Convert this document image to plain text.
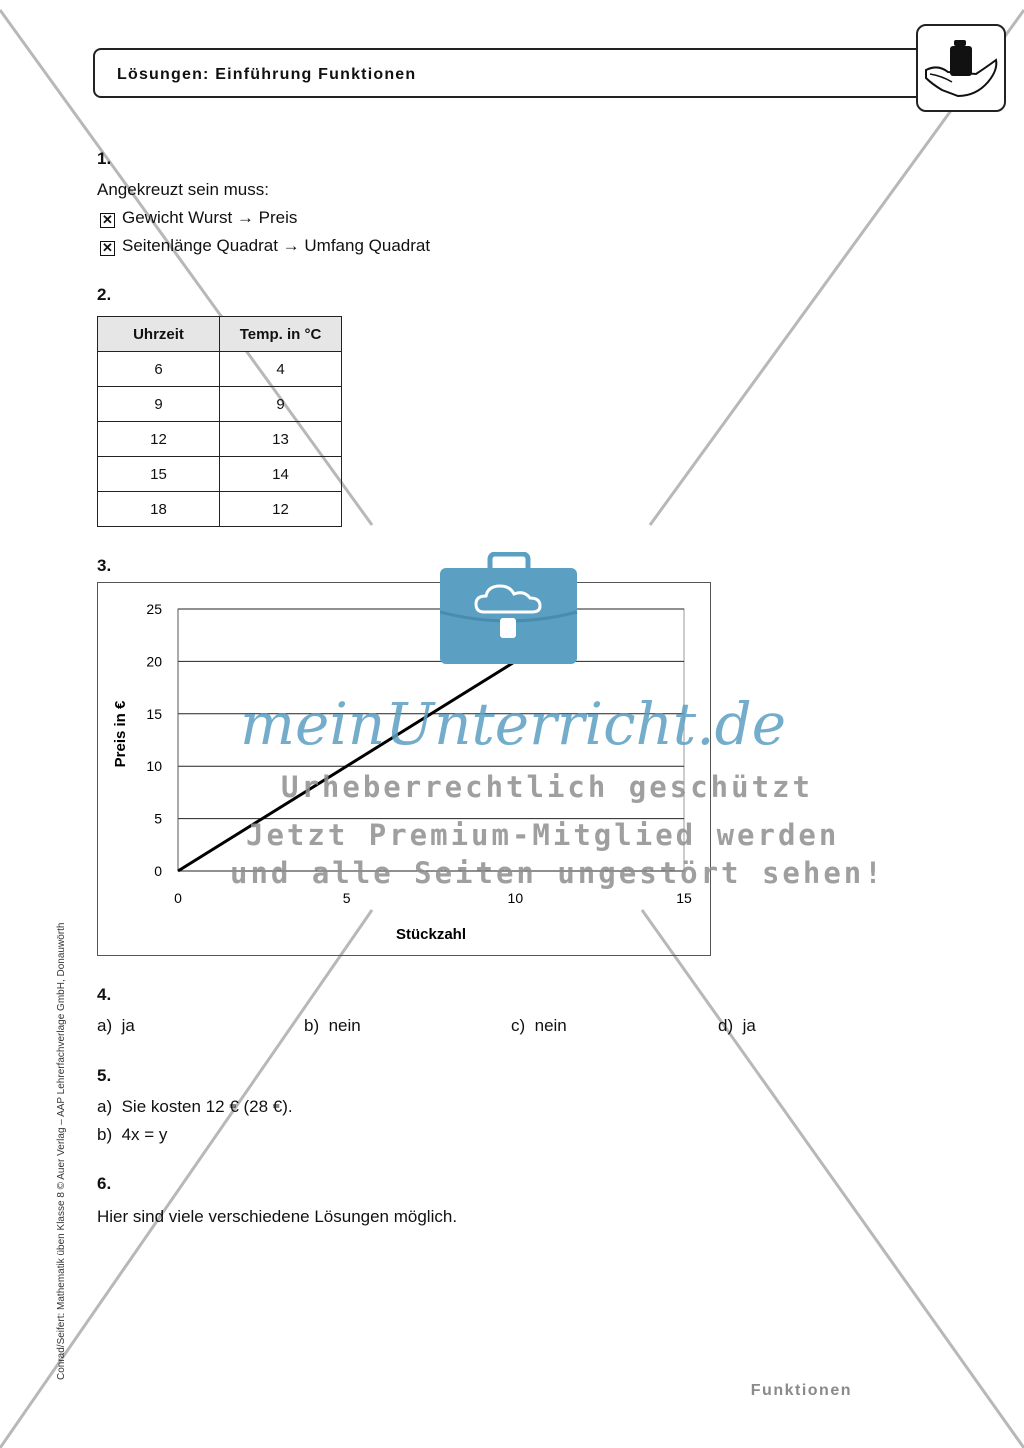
Lösungen: Einführung Funktionen
1.
Angekreuzt sein muss:
✕ Gewicht Wurst → Preis
✕ Seitenlänge Quadrat → Umfang Quadrat
2.
Uhrzeit	Temp. in °C
6	4
9	9
12	13
15	14
18	12
3.
0
5
10
15
20
25
0	5	10	15
Stückzahl
Preis in €
4.
a) ja	b) nein	c) nein	d) ja
5.
a) Sie kosten 12 € (28 €).
b) 4x = y
6.
Hier sind viele verschiedene Lösungen möglich.
Conrad/Seifert: Mathematik üben Klasse 8 © Auer Verlag – AAP Lehrerfachverlage GmbH, Donauwörth
Funktionen
meinUnterricht.de
Urheberrechtlich geschützt
Jetzt Premium-Mitglied werden
und alle Seiten ungestört sehen!
